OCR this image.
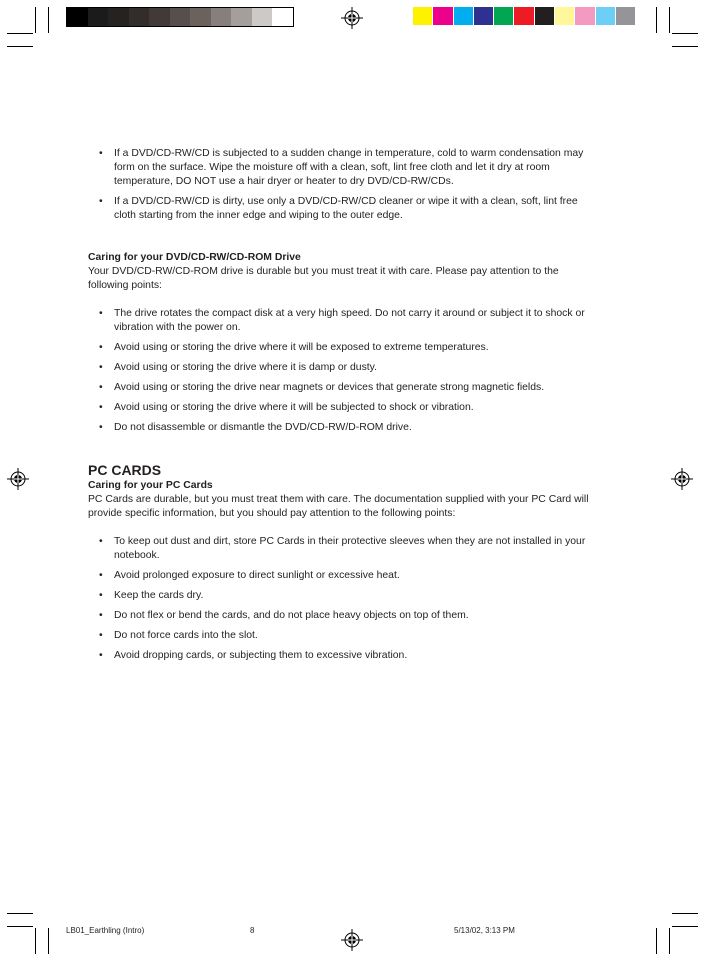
• If a DVD/CD-RW/CD is subjected to a sudden change in temperature, cold to warm condensation may form on the surface. Wipe the moisture off with a clean, soft, lint free cloth and let it dry at room temperature, DO NOT use a hair dryer or heater to dry DVD/CD-RW/CDs.
• If a DVD/CD-RW/CD is dirty, use only a DVD/CD-RW/CD cleaner or wipe it with a clean, soft, lint free cloth starting from the inner edge and wiping to the outer edge.

Caring for your DVD/CD-RW/CD-ROM Drive

Your DVD/CD-RW/CD-ROM drive is durable but you must treat it with care. Please pay attention to the following points:

• The drive rotates the compact disk at a very high speed. Do not carry it around or subject it to shock or vibration with the power on.
• Avoid using or storing the drive where it will be exposed to extreme temperatures.
• Avoid using or storing the drive where it is damp or dusty.
• Avoid using or storing the drive near magnets or devices that generate strong magnetic fields.
• Avoid using or storing the drive where it will be subjected to shock or vibration.
• Do not disassemble or dismantle the DVD/CD-RW/D-ROM drive.
PC CARDS

Caring for your PC Cards

PC Cards are durable, but you must treat them with care. The documentation supplied with your PC Card will provide specific information, but you should pay attention to the following points:

• To keep out dust and dirt, store PC Cards in their protective sleeves when they are not installed in your notebook.
• Avoid prolonged exposure to direct sunlight or excessive heat.
• Keep the cards dry.
• Do not flex or bend the cards, and do not place heavy objects on top of them.
• Do not force cards into the slot.
• Avoid dropping cards, or subjecting them to excessive vibration.
LB01_Earthling (Intro)	8	5/13/02, 3:13 PM
